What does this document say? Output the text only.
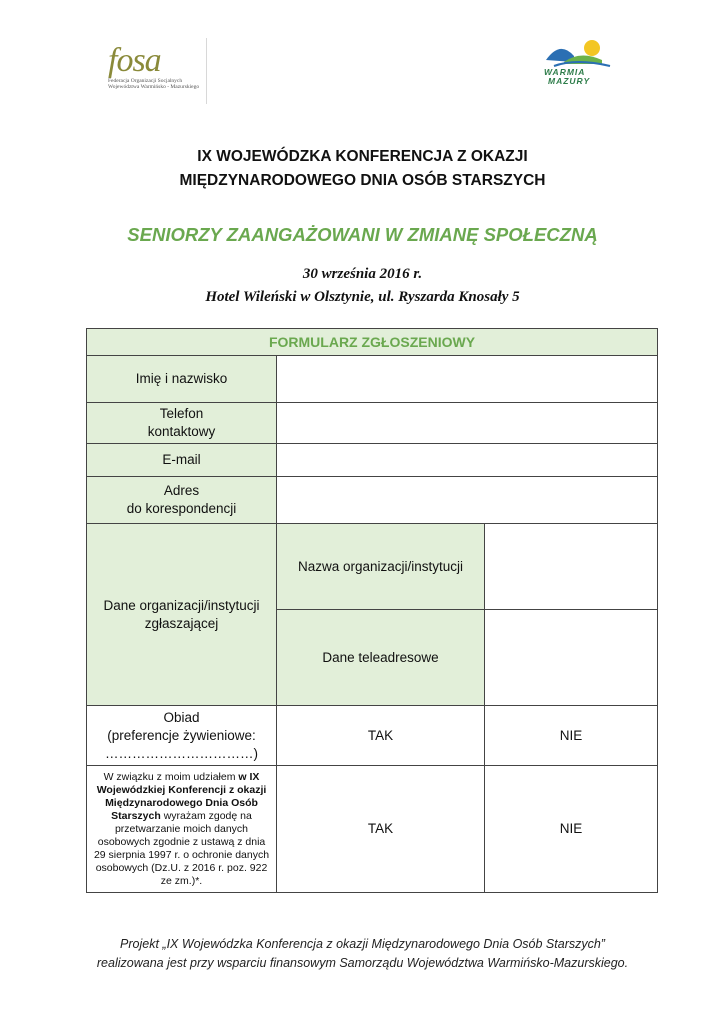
fosa
Federacja Organizacji Socjalnych Województwa Warmińsko - Mazurskiego
WARMIA
MAZURY
IX WOJEWÓDZKA KONFERENCJA Z OKAZJI
MIĘDZYNARODOWEGO DNIA OSÓB STARSZYCH
SENIORZY ZAANGAŻOWANI W ZMIANĘ SPOŁECZNĄ
30 września 2016 r.
Hotel Wileński w Olsztynie, ul. Ryszarda Knosały 5
FORMULARZ ZGŁOSZENIOWY
Imię i nazwisko
Telefon
kontaktowy
E-mail
Adres
do korespondencji
Dane organizacji/instytucji
zgłaszającej
Nazwa organizacji/instytucji
Dane teleadresowe
Obiad
(preferencje żywieniowe:
……………………………)
TAK	NIE
W związku z moim udziałem w IX Wojewódzkiej Konferencji z okazji Międzynarodowego Dnia Osób Starszych wyrażam zgodę na przetwarzanie moich danych osobowych zgodnie z ustawą z dnia 29 sierpnia 1997 r. o ochronie danych osobowych (Dz.U. z 2016 r. poz. 922 ze zm.)*.
TAK	NIE
Projekt „IX Wojewódzka Konferencja z okazji Międzynarodowego Dnia Osób Starszych”
realizowana jest przy wsparciu finansowym Samorządu Województwa Warmińsko-Mazurskiego.
